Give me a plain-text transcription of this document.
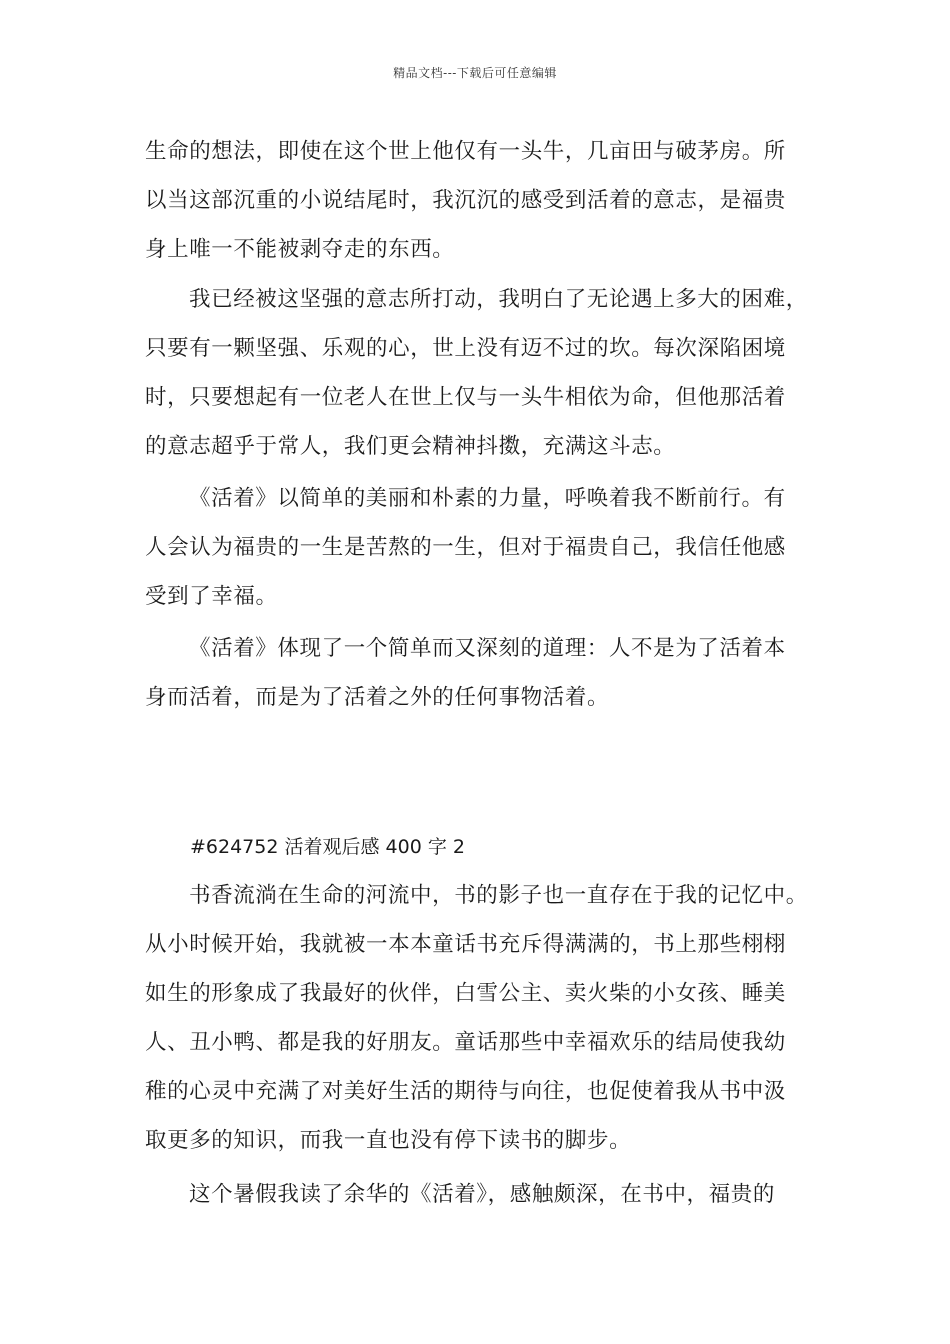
精品文档---下载后可任意编辑
生命的想法，即使在这个世上他仅有一头牛，几亩田与破茅房。所
以当这部沉重的小说结尾时，我沉沉的感受到活着的意志，是福贵
身上唯一不能被剥夺走的东西。
我已经被这坚强的意志所打动，我明白了无论遇上多大的困难，
只要有一颗坚强、乐观的心，世上没有迈不过的坎。每次深陷困境
时，只要想起有一位老人在世上仅与一头牛相依为命，但他那活着
的意志超乎于常人，我们更会精神抖擞，充满这斗志。
《活着》以简单的美丽和朴素的力量，呼唤着我不断前行。有
人会认为福贵的一生是苦熬的一生，但对于福贵自己，我信任他感
受到了幸福。
《活着》体现了一个简单而又深刻的道理：人不是为了活着本
身而活着，而是为了活着之外的任何事物活着。
#624752 活着观后感 400 字 2
书香流淌在生命的河流中，书的影子也一直存在于我的记忆中。
从小时候开始，我就被一本本童话书充斥得满满的，书上那些栩栩
如生的形象成了我最好的伙伴，白雪公主、卖火柴的小女孩、睡美
人、丑小鸭、都是我的好朋友。童话那些中幸福欢乐的结局使我幼
稚的心灵中充满了对美好生活的期待与向往，也促使着我从书中汲
取更多的知识，而我一直也没有停下读书的脚步。
这个暑假我读了余华的《活着》，感触颇深，在书中，福贵的
